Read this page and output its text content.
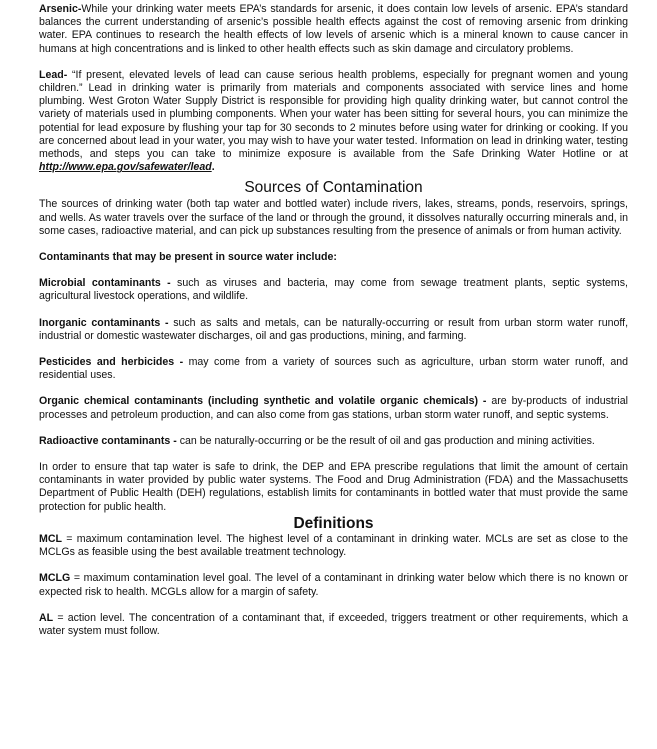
Arsenic-While your drinking water meets EPA’s standards for arsenic, it does contain low levels of arsenic. EPA’s standard balances the current understanding of arsenic’s possible health effects against the cost of removing arsenic from drinking water. EPA continues to research the health effects of low levels of arsenic which is a mineral known to cause cancer in humans at high concentrations and is linked to other health effects such as skin damage and circulatory problems.

Lead- “If present, elevated levels of lead can cause serious health problems, especially for pregnant women and young children.” Lead in drinking water is primarily from materials and components associated with service lines and home plumbing. West Groton Water Supply District is responsible for providing high quality drinking water, but cannot control the variety of materials used in plumbing components. When your water has been sitting for several hours, you can minimize the potential for lead exposure by flushing your tap for 30 seconds to 2 minutes before using water for drinking or cooking. If you are concerned about lead in your water, you may wish to have your water tested. Information on lead in drinking water, testing methods, and steps you can take to minimize exposure is available from the Safe Drinking Water Hotline or at http://www.epa.gov/safewater/lead.

Sources of Contamination

The sources of drinking water (both tap water and bottled water) include rivers, lakes, streams, ponds, reservoirs, springs, and wells. As water travels over the surface of the land or through the ground, it dissolves naturally occurring minerals and, in some cases, radioactive material, and can pick up substances resulting from the presence of animals or from human activity.

Contaminants that may be present in source water include:

Microbial contaminants - such as viruses and bacteria, may come from sewage treatment plants, septic systems, agricultural livestock operations, and wildlife.

Inorganic contaminants - such as salts and metals, can be naturally-occurring or result from urban storm water runoff, industrial or domestic wastewater discharges, oil and gas productions, mining, and farming.

Pesticides and herbicides - may come from a variety of sources such as agriculture, urban storm water runoff, and residential uses.

Organic chemical contaminants (including synthetic and volatile organic chemicals) - are by-products of industrial processes and petroleum production, and can also come from gas stations, urban storm water runoff, and septic systems.

Radioactive contaminants - can be naturally-occurring or be the result of oil and gas production and mining activities.

In order to ensure that tap water is safe to drink, the DEP and EPA prescribe regulations that limit the amount of certain contaminants in water provided by public water systems. The Food and Drug Administration (FDA) and the Massachusetts Department of Public Health (DEH) regulations, establish limits for contaminants in bottled water that must provide the same protection for public health.

Definitions

MCL = maximum contamination level. The highest level of a contaminant in drinking water. MCLs are set as close to the MCLGs as feasible using the best available treatment technology.

MCLG = maximum contamination level goal. The level of a contaminant in drinking water below which there is no known or expected risk to health. MCGLs allow for a margin of safety.

AL = action level. The concentration of a contaminant that, if exceeded, triggers treatment or other requirements, which a water system must follow.
